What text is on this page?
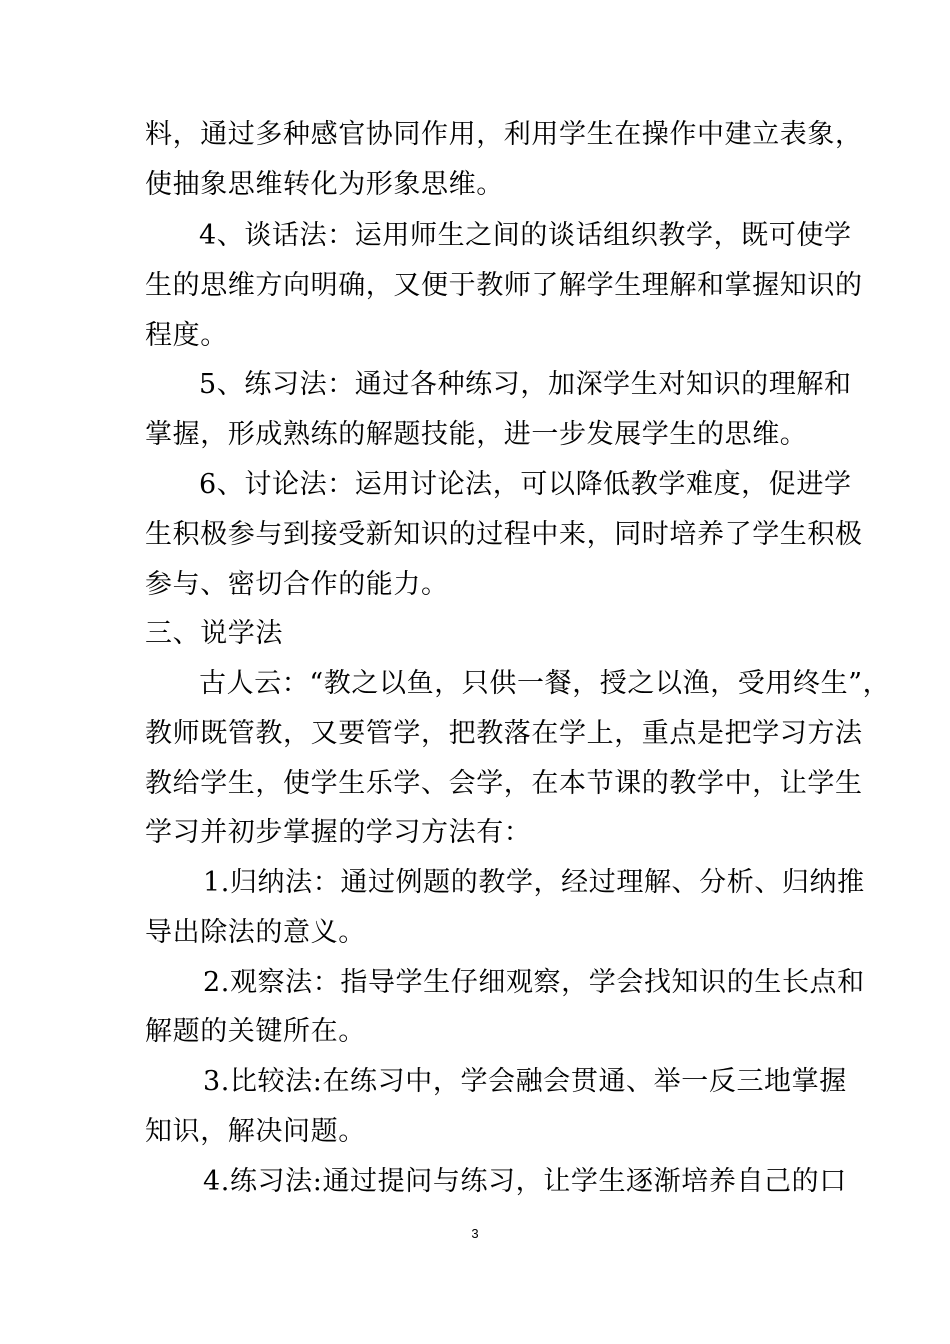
料，通过多种感官协同作用，利用学生在操作中建立表象，
使抽象思维转化为形象思维。
4、谈话法：运用师生之间的谈话组织教学，既可使学
生的思维方向明确，又便于教师了解学生理解和掌握知识的
程度。
5、练习法：通过各种练习，加深学生对知识的理解和
掌握，形成熟练的解题技能，进一步发展学生的思维。
6、讨论法：运用讨论法，可以降低教学难度，促进学
生积极参与到接受新知识的过程中来，同时培养了学生积极
参与、密切合作的能力。
三、说学法
古人云：“教之以鱼，只供一餐，授之以渔，受用终生”，
教师既管教，又要管学，把教落在学上，重点是把学习方法
教给学生，使学生乐学、会学，在本节课的教学中，让学生
学习并初步掌握的学习方法有：
1.归纳法：通过例题的教学，经过理解、分析、归纳推
导出除法的意义。
2.观察法：指导学生仔细观察，学会找知识的生长点和
解题的关键所在。
3.比较法:在练习中，学会融会贯通、举一反三地掌握
知识，解决问题。
4.练习法:通过提问与练习，让学生逐渐培养自己的口
3
